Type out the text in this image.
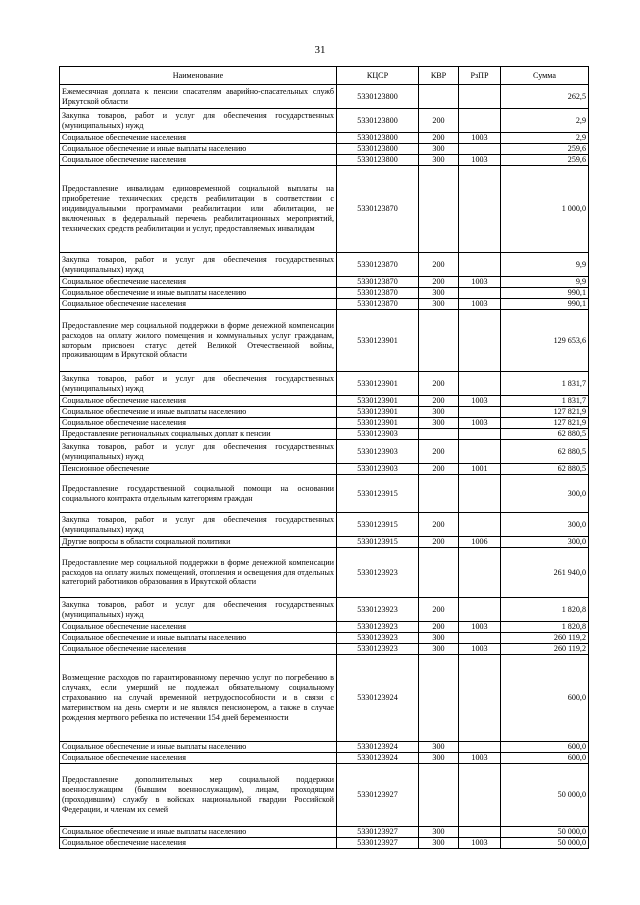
31
Наименование	КЦСР	КВР	РзПР	Сумма
Ежемесячная доплата к пенсии спасателям аварийно-спасательных служб Иркутской области	5330123800			262,5
Закупка товаров, работ и услуг для обеспечения государственных (муниципальных) нужд	5330123800	200		2,9
Социальное обеспечение населения	5330123800	200	1003	2,9
Социальное обеспечение и иные выплаты населению	5330123800	300		259,6
Социальное обеспечение населения	5330123800	300	1003	259,6
Предоставление инвалидам единовременной социальной выплаты на приобретение технических средств реабилитации в соответствии с индивидуальными программами реабилитации или абилитации, не включенных в федеральный перечень реабилитационных мероприятий, технических средств реабилитации и услуг, предоставляемых инвалидам	5330123870			1 000,0
Закупка товаров, работ и услуг для обеспечения государственных (муниципальных) нужд	5330123870	200		9,9
Социальное обеспечение населения	5330123870	200	1003	9,9
Социальное обеспечение и иные выплаты населению	5330123870	300		990,1
Социальное обеспечение населения	5330123870	300	1003	990,1
Предоставление мер социальной поддержки в форме денежной компенсации расходов на оплату жилого помещения и коммунальных услуг гражданам, которым присвоен статус детей Великой Отечественной войны, проживающим в Иркутской области	5330123901			129 653,6
Закупка товаров, работ и услуг для обеспечения государственных (муниципальных) нужд	5330123901	200		1 831,7
Социальное обеспечение населения	5330123901	200	1003	1 831,7
Социальное обеспечение и иные выплаты населению	5330123901	300		127 821,9
Социальное обеспечение населения	5330123901	300	1003	127 821,9
Предоставление региональных социальных доплат к пенсии	5330123903			62 880,5
Закупка товаров, работ и услуг для обеспечения государственных (муниципальных) нужд	5330123903	200		62 880,5
Пенсионное обеспечение	5330123903	200	1001	62 880,5
Предоставление государственной социальной помощи на основании социального контракта отдельным категориям граждан	5330123915			300,0
Закупка товаров, работ и услуг для обеспечения государственных (муниципальных) нужд	5330123915	200		300,0
Другие вопросы в области социальной политики	5330123915	200	1006	300,0
Предоставление мер социальной поддержки в форме денежной компенсации расходов на оплату жилых помещений, отопления и освещения для отдельных категорий работников образования в Иркутской области	5330123923			261 940,0
Закупка товаров, работ и услуг для обеспечения государственных (муниципальных) нужд	5330123923	200		1 820,8
Социальное обеспечение населения	5330123923	200	1003	1 820,8
Социальное обеспечение и иные выплаты населению	5330123923	300		260 119,2
Социальное обеспечение населения	5330123923	300	1003	260 119,2
Возмещение расходов по гарантированному перечню услуг по погребению в случаях, если умерший не подлежал обязательному социальному страхованию на случай временной нетрудоспособности и в связи с материнством на день смерти и не являлся пенсионером, а также в случае рождения мертвого ребенка по истечении 154 дней беременности	5330123924			600,0
Социальное обеспечение и иные выплаты населению	5330123924	300		600,0
Социальное обеспечение населения	5330123924	300	1003	600,0
Предоставление дополнительных мер социальной поддержки военнослужащим (бывшим военнослужащим), лицам, проходящим (проходившим) службу в войсках национальной гвардии Российской Федерации, и членам их семей	5330123927			50 000,0
Социальное обеспечение и иные выплаты населению	5330123927	300		50 000,0
Социальное обеспечение населения	5330123927	300	1003	50 000,0
